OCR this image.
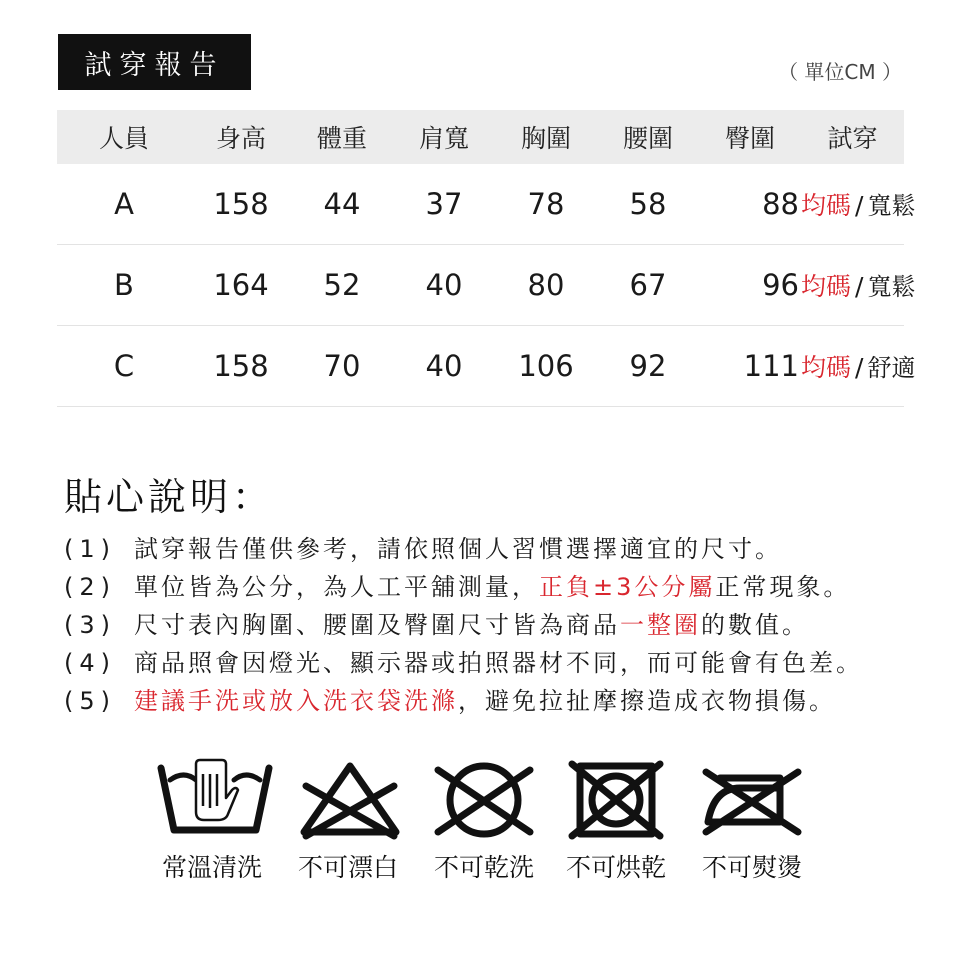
試穿報告	（ 單位CM ）
人員	身高	體重	肩寬	胸圍	腰圍	臀圍	試穿
A	158	44	37	78	58	88	均碼 / 寬鬆
B	164	52	40	80	67	96	均碼 / 寬鬆
C	158	70	40	106	92	111	均碼 / 舒適
貼心說明：
(1) 試穿報告僅供參考，請依照個人習慣選擇適宜的尺寸。
(2) 單位皆為公分，為人工平舖測量，正負±3公分屬正常現象。
(3) 尺寸表內胸圍、腰圍及臀圍尺寸皆為商品一整圈的數值。
(4) 商品照會因燈光、顯示器或拍照器材不同，而可能會有色差。
(5) 建議手洗或放入洗衣袋洗滌，避免拉扯摩擦造成衣物損傷。
常溫清洗	不可漂白	不可乾洗	不可烘乾	不可熨燙
